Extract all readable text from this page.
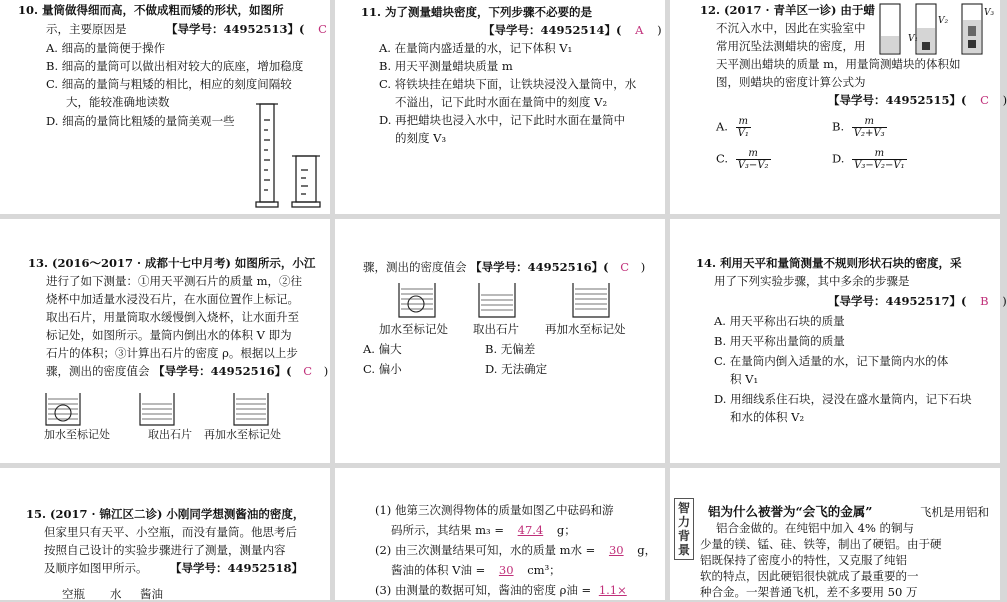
10. 量筒做得细而高，不做成粗而矮的形状，如图所
示，主要原因是	【导学号：44952513】( C
A. 细高的量筒便于操作
B. 细高的量筒可以做出相对较大的底座，增加稳度
C. 细高的量筒与粗矮的相比，相应的刻度间隔较
大，能较准确地读数
D. 细高的量筒比粗矮的量筒美观一些
11. 为了测量蜡块密度，下列步骤不必要的是
【导学号：44952514】( A )
A. 在量筒内盛适量的水，记下体积 V₁
B. 用天平测量蜡块质量 m
C. 将铁块挂在蜡块下面，让铁块浸没入量筒中，水
不溢出，记下此时水面在量筒中的刻度 V₂
D. 再把蜡块也浸入水中，记下此时水面在量筒中
的刻度 V₃
12. (2017 · 青羊区一诊) 由于蜡
不沉入水中，因此在实验室中
常用沉坠法测蜡块的密度，用
天平测出蜡块的质量 m，用量筒测蜡块的体积如
图，则蜡块的密度计算公式为
【导学号：44952515】( C )
V₁
V₂
V₃
A. $\frac{m}{\text{V₁}}$	B. $\frac{m}{\text{V₂+V₃}}$
C. $\frac{m}{\text{V₃−V₂}}$	D. $\frac{m}{\text{V₃−V₂−V₁}}$
13. (2016～2017 · 成都十七中月考) 如图所示，小江
进行了如下测量：①用天平测石片的质量 m，②往
烧杯中加适量水浸没石片，在水面位置作上标记。
取出石片，用量筒取水缓慢倒入烧杯，让水面升至
标记处，如图所示。量筒内倒出水的体积 V 即为
石片的体积；③计算出石片的密度 ρ。根据以上步
骤，测出的密度值会 【导学号：44952516】( C )
加水至标记处	取出石片 再加水至标记处
骤，测出的密度值会 【导学号：44952516】( C )
加水至标记处 取出石片 再加水至标记处
A. 偏大	B. 无偏差
C. 偏小	D. 无法确定
14. 利用天平和量筒测量不规则形状石块的密度，采
用了下列实验步骤，其中多余的步骤是
【导学号：44952517】( B )
A. 用天平称出石块的质量
B. 用天平称出量筒的质量
C. 在量筒内倒入适量的水，记下量筒内水的体
积 V₁
D. 用细线系住石块，浸没在盛水量筒内，记下石块
和水的体积 V₂
15. (2017 · 锦江区二诊) 小刚同学想测酱油的密度，
但家里只有天平、小空瓶，而没有量筒。他思考后
按照自己设计的实验步骤进行了测量，测量内容
及顺序如图甲所示。 【导学号：44952518】
空瓶 水 酱油
(1) 他第三次测得物体的质量如图乙中砝码和游
码所示，其结果 m₃ = 47.4 g；
(2) 由三次测量结果可知，水的质量 m水 = 30 g，
酱油的体积 V油 = 30 cm³；
(3) 由测量的数据可知，酱油的密度 ρ油 = 1.1×
智力背景
铝为什么被誉为“会飞的金属”	飞机是用铝和
铝合金做的。在纯铝中加入 4% 的铜与
少量的镁、锰、硅、铁等，制出了硬铝。由于硬
铝既保持了密度小的特性，又克服了纯铝
软的特点，因此硬铝很快就成了最重要的一
种合金。一架普通飞机，差不多要用 50 万
